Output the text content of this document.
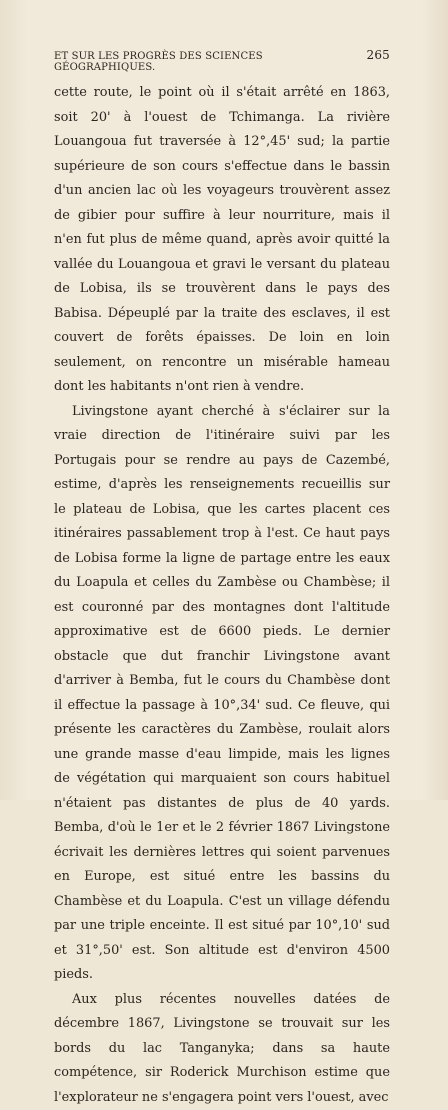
ET SUR LES PROGRÈS DES SCIENCES GÉOGRAPHIQUES.
265

cette route, le point où il s'était arrêté en 1863, soit 20' à l'ouest de Tchimanga. La rivière Louangoua fut traversée à 12°,45' sud; la partie supérieure de son cours s'effectue dans le bassin d'un ancien lac où les voyageurs trouvèrent assez de gibier pour suffire à leur nourriture, mais il n'en fut plus de même quand, après avoir quitté la vallée du Louangoua et gravi le versant du plateau de Lobisa, ils se trouvèrent dans le pays des Babisa. Dépeuplé par la traite des esclaves, il est couvert de forêts épaisses. De loin en loin seulement, on rencontre un misérable hameau dont les habitants n'ont rien à vendre.

Livingstone ayant cherché à s'éclairer sur la vraie direction de l'itinéraire suivi par les Portugais pour se rendre au pays de Cazembé, estime, d'après les renseignements recueillis sur le plateau de Lobisa, que les cartes placent ces itinéraires passablement trop à l'est. Ce haut pays de Lobisa forme la ligne de partage entre les eaux du Loapula et celles du Zambèse ou Chambèse; il est couronné par des montagnes dont l'altitude approximative est de 6600 pieds. Le dernier obstacle que dut franchir Livingstone avant d'arriver à Bemba, fut le cours du Chambèse dont il effectue la passage à 10°,34' sud. Ce fleuve, qui présente les caractères du Zambèse, roulait alors une grande masse d'eau limpide, mais les lignes de végétation qui marquaient son cours habituel n'étaient pas distantes de plus de 40 yards. Bemba, d'où le 1er et le 2 février 1867 Livingstone écrivait les dernières lettres qui soient parvenues en Europe, est situé entre les bassins du Chambèse et du Loapula. C'est un village défendu par une triple enceinte. Il est situé par 10°,10' sud et 31°,50' est. Son altitude est d'environ 4500 pieds.

Aux plus récentes nouvelles datées de décembre 1867, Livingstone se trouvait sur les bords du lac Tanganyka; dans sa haute compétence, sir Roderick Murchison estime que l'explorateur ne s'engagera point vers l'ouest, avec
